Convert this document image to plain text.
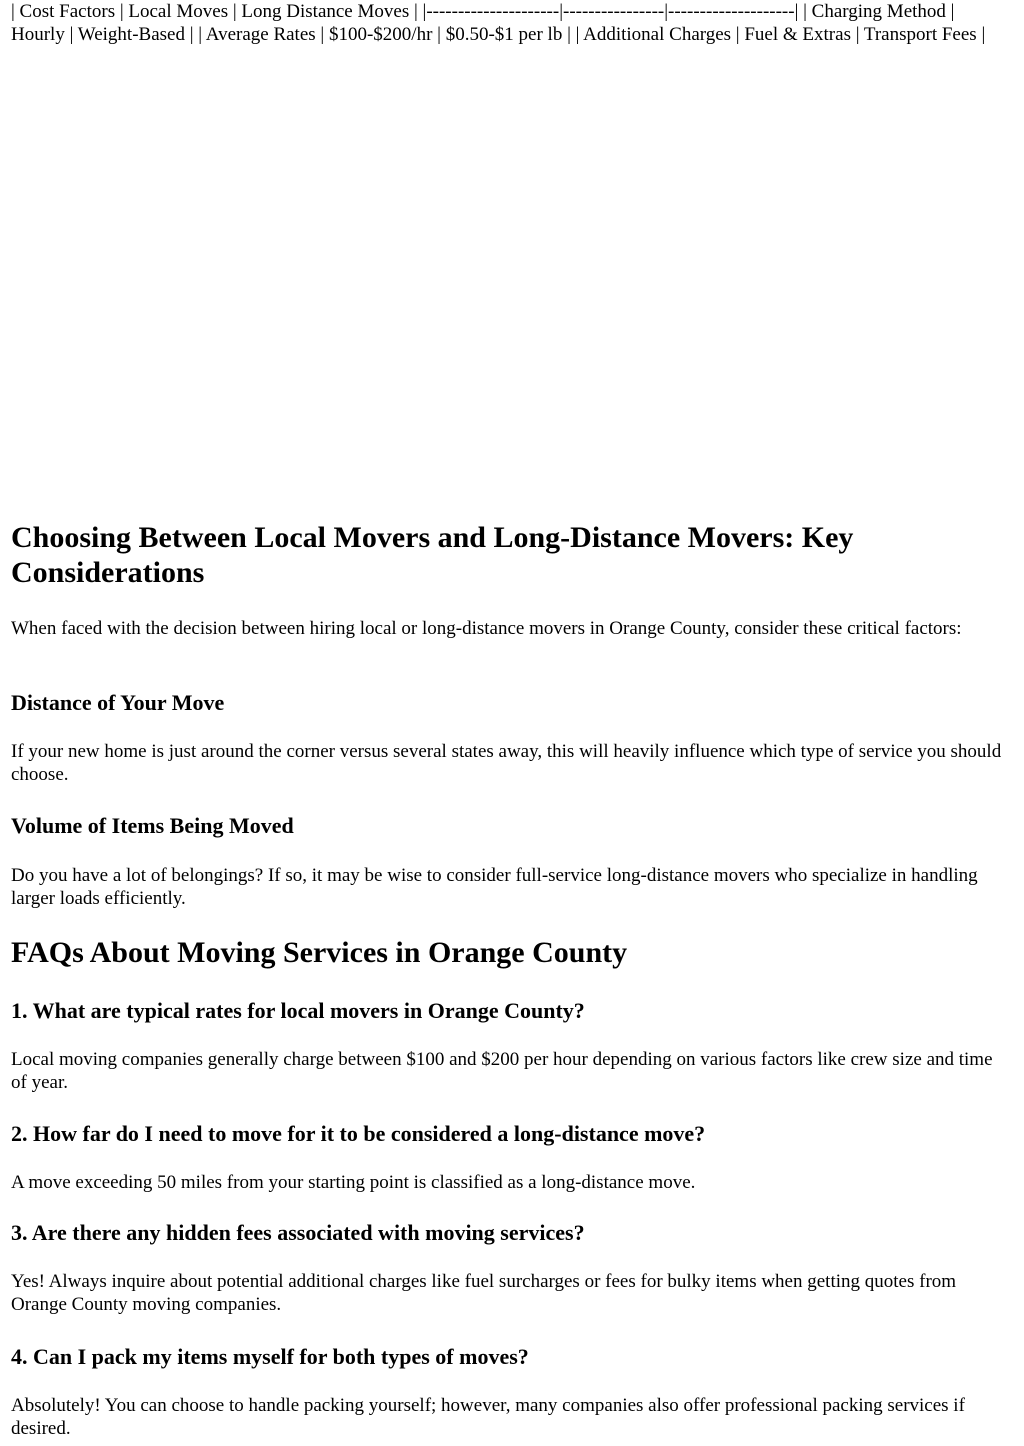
| Cost Factors | Local Moves | Long Distance Moves | |---------------------|----------------|--------------------| | Charging Method | Hourly | Weight-Based | | Average Rates | $100-$200/hr | $0.50-$1 per lb | | Additional Charges | Fuel & Extras | Transport Fees |

Choosing Between Local Movers and Long-Distance Movers: Key Considerations

When faced with the decision between hiring local or long-distance movers in Orange County, consider these critical factors:

Distance of Your Move

If your new home is just around the corner versus several states away, this will heavily influence which type of service you should choose.

Volume of Items Being Moved

Do you have a lot of belongings? If so, it may be wise to consider full-service long-distance movers who specialize in handling larger loads efficiently.

FAQs About Moving Services in Orange County
1. What are typical rates for local movers in Orange County?

Local moving companies generally charge between $100 and $200 per hour depending on various factors like crew size and time of year.

2. How far do I need to move for it to be considered a long-distance move?

A move exceeding 50 miles from your starting point is classified as a long-distance move.

3. Are there any hidden fees associated with moving services?

Yes! Always inquire about potential additional charges like fuel surcharges or fees for bulky items when getting quotes from Orange County moving companies.

4. Can I pack my items myself for both types of moves?

Absolutely! You can choose to handle packing yourself; however, many companies also offer professional packing services if desired.
